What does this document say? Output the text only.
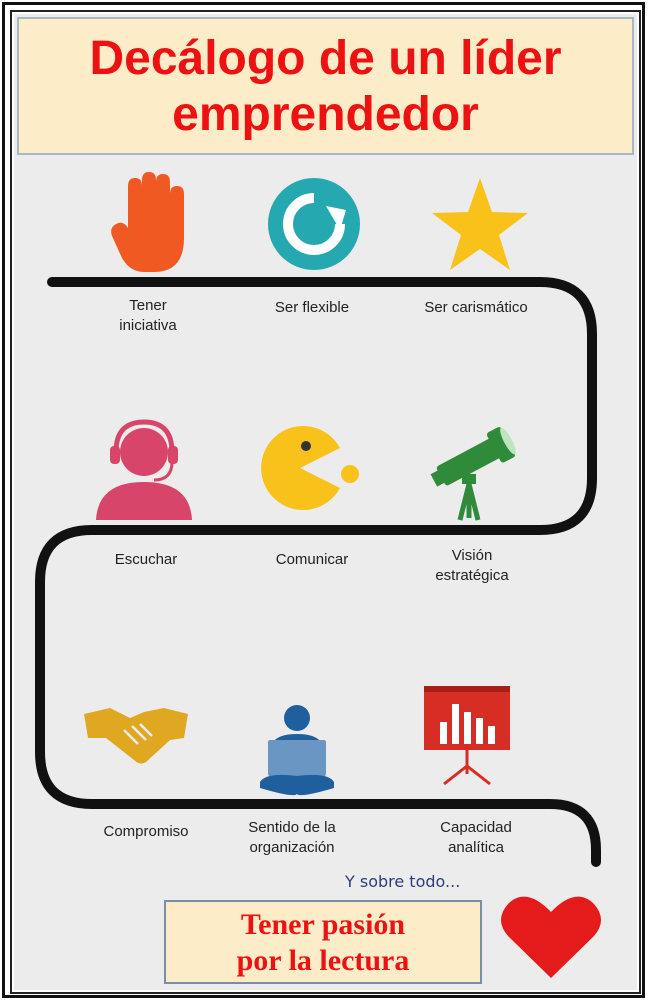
Decálogo de un líder
emprendedor
Tener
iniciativa
Ser flexible	Ser carismático
Escuchar	Comunicar	Visión
estratégica
Compromiso	Sentido de la
organización
Capacidad
analítica
Y sobre todo...
Tener pasión
por la lectura
